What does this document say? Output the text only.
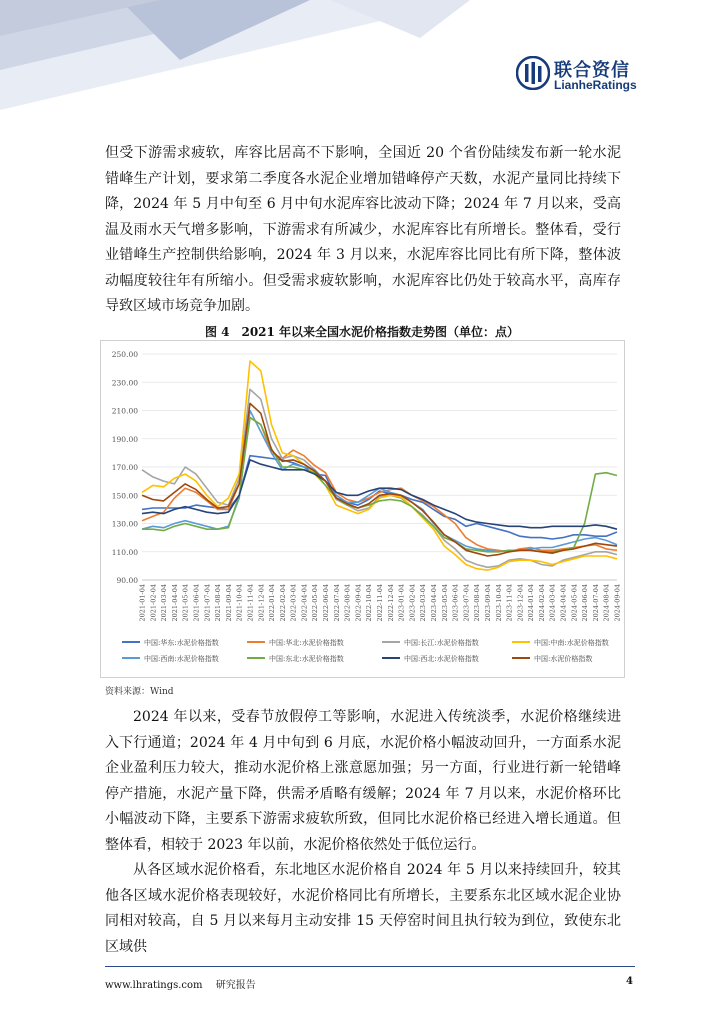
联合资信
LianheRatings

但受下游需求疲软，库容比居高不下影响，全国近 20 个省份陆续发布新一轮水泥错峰生产计划，要求第二季度各水泥企业增加错峰停产天数，水泥产量同比持续下降，2024 年 5 月中旬至 6 月中旬水泥库容比波动下降；2024 年 7 月以来，受高温及雨水天气增多影响，下游需求有所减少，水泥库容比有所增长。整体看，受行业错峰生产控制供给影响，2024 年 3 月以来，水泥库容比同比有所下降，整体波动幅度较往年有所缩小。但受需求疲软影响，水泥库容比仍处于较高水平，高库存导致区域市场竞争加剧。

图 4　2021 年以来全国水泥价格指数走势图（单位：点）
250.00
230.00
210.00
190.00
170.00
150.00
130.00
110.00
90.00
2021-01-04 2021-02-04 2021-03-04 2021-04-04 2021-05-04 2021-06-04 2021-07-04 2021-08-04 2021-09-04 2021-10-04 2021-11-04 2021-12-04 2022-01-04 2022-02-04 2022-03-04 2022-04-04 2022-05-04 2022-06-04 2022-07-04 2022-08-04 2022-09-04 2022-10-04 2022-11-04 2022-12-04 2023-01-04 2023-02-04 2023-03-04 2023-04-04 2023-05-04 2023-06-04 2023-07-04 2023-08-04 2023-09-04 2023-10-04 2023-11-04 2023-12-04 2024-01-04 2024-02-04 2024-03-04 2024-04-04 2024-05-04 2024-06-04 2024-07-04 2024-08-04 2024-09-04
中国:华东:水泥价格指数	中国:华北:水泥价格指数	中国:长江:水泥价格指数	中国:中南:水泥价格指数
中国:西南:水泥价格指数	中国:东北:水泥价格指数	中国:西北:水泥价格指数	中国:水泥价格指数
资料来源：Wind

2024 年以来，受春节放假停工等影响，水泥进入传统淡季，水泥价格继续进入下行通道；2024 年 4 月中旬到 6 月底，水泥价格小幅波动回升，一方面系水泥企业盈利压力较大，推动水泥价格上涨意愿加强；另一方面，行业进行新一轮错峰停产措施，水泥产量下降，供需矛盾略有缓解；2024 年 7 月以来，水泥价格环比小幅波动下降，主要系下游需求疲软所致，但同比水泥价格已经进入增长通道。但整体看，相较于 2023 年以前，水泥价格依然处于低位运行。

从各区域水泥价格看，东北地区水泥价格自 2024 年 5 月以来持续回升，较其他各区域水泥价格表现较好，水泥价格同比有所增长，主要系东北区域水泥企业协同相对较高，自 5 月以来每月主动安排 15 天停窑时间且执行较为到位，致使东北区域供

www.lhratings.com 研究报告	4
